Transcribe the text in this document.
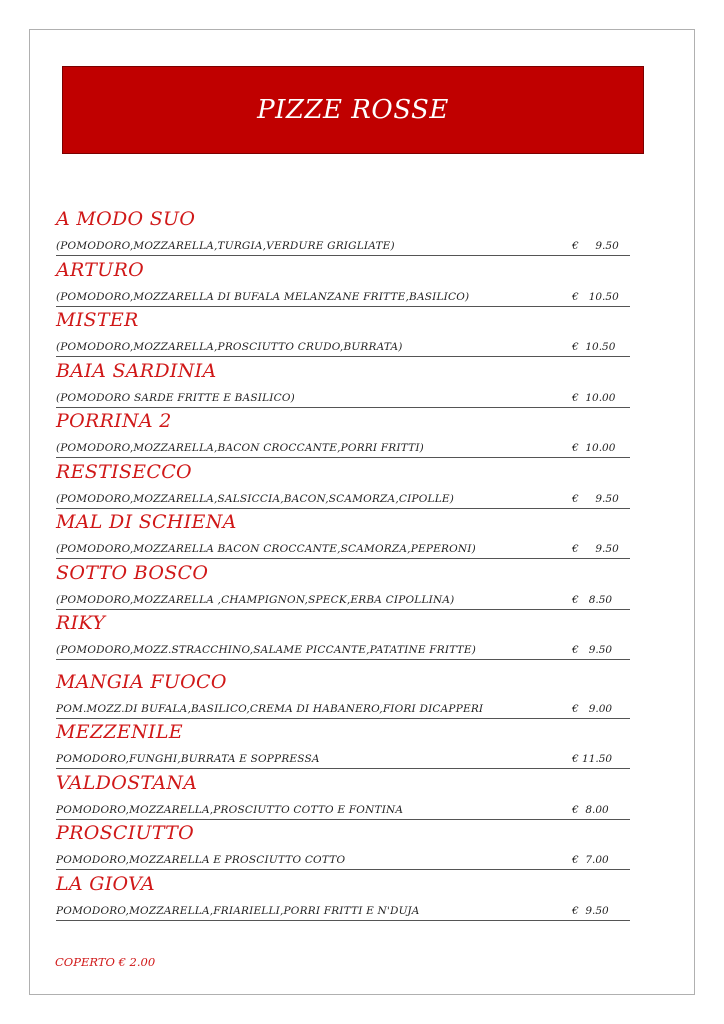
PIZZE ROSSE
A MODO SUO
(POMODORO,MOZZARELLA,TURGIA,VERDURE GRIGLIATE)	€     9.50
ARTURO
(POMODORO,MOZZARELLA DI BUFALA MELANZANE FRITTE,BASILICO)	€   10.50
MISTER
(POMODORO,MOZZARELLA,PROSCIUTTO CRUDO,BURRATA)	€  10.50
BAIA SARDINIA
(POMODORO SARDE FRITTE E BASILICO)	€  10.00
PORRINA 2
(POMODORO,MOZZARELLA,BACON CROCCANTE,PORRI FRITTI)	€  10.00
RESTISECCO
(POMODORO,MOZZARELLA,SALSICCIA,BACON,SCAMORZA,CIPOLLE)	€     9.50
MAL DI SCHIENA
(POMODORO,MOZZARELLA BACON CROCCANTE,SCAMORZA,PEPERONI)	€     9.50
SOTTO BOSCO
(POMODORO,MOZZARELLA ,CHAMPIGNON,SPECK,ERBA CIPOLLINA)	€   8.50
RIKY
(POMODORO,MOZZ.STRACCHINO,SALAME PICCANTE,PATATINE FRITTE)	€   9.50
MANGIA FUOCO
POM.MOZZ.DI BUFALA,BASILICO,CREMA DI HABANERO,FIORI DICAPPERI	€   9.00
MEZZENILE
POMODORO,FUNGHI,BURRATA E SOPPRESSA	€ 11.50
VALDOSTANA
POMODORO,MOZZARELLA,PROSCIUTTO COTTO E FONTINA	€  8.00
PROSCIUTTO
POMODORO,MOZZARELLA E PROSCIUTTO COTTO	€  7.00
LA GIOVA
POMODORO,MOZZARELLA,FRIARIELLI,PORRI FRITTI E N'DUJA	€  9.50
COPERTO € 2.00
